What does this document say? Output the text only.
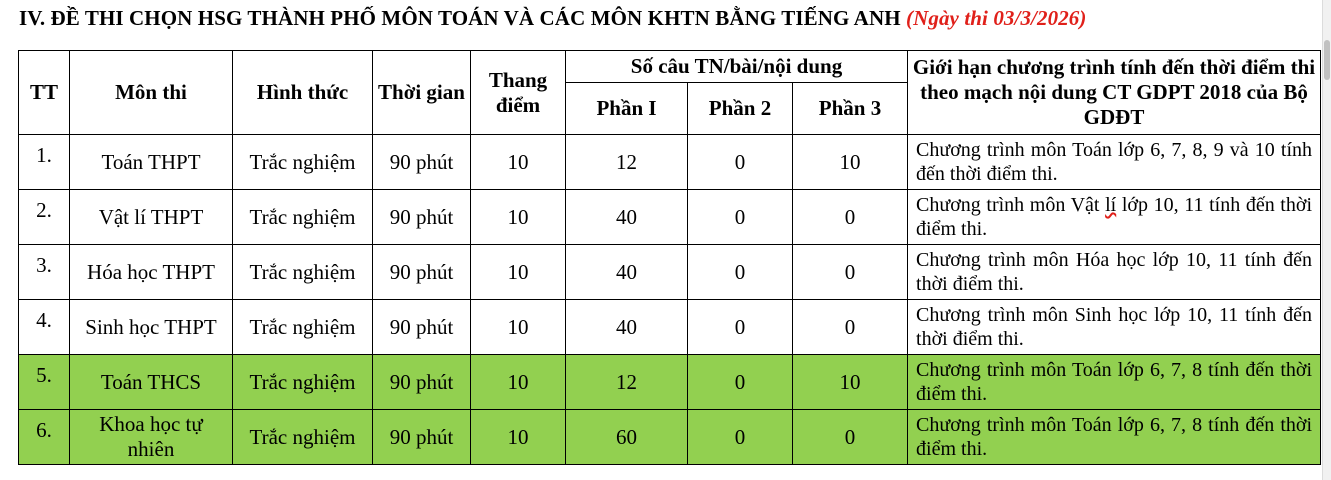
IV. ĐỀ THI CHỌN HSG THÀNH PHỐ MÔN TOÁN VÀ CÁC MÔN KHTN BẰNG TIẾNG ANH (Ngày thi 03/3/2026)
TT	Môn thi	Hình thức	Thời gian	Thang điểm	Số câu TN/bài/nội dung			Giới hạn chương trình tính đến thời điểm thi theo mạch nội dung CT GDPT 2018 của Bộ GDĐT
					Phần I	Phần 2	Phần 3	
1.	Toán THPT	Trắc nghiệm	90 phút	10	12	0	10	Chương trình môn Toán lớp 6, 7, 8, 9 và 10 tính đến thời điểm thi.
2.	Vật lí THPT	Trắc nghiệm	90 phút	10	40	0	0	Chương trình môn Vật lí lớp 10, 11 tính đến thời điểm thi.
3.	Hóa học THPT	Trắc nghiệm	90 phút	10	40	0	0	Chương trình môn Hóa học lớp 10, 11 tính đến thời điểm thi.
4.	Sinh học THPT	Trắc nghiệm	90 phút	10	40	0	0	Chương trình môn Sinh học lớp 10, 11 tính đến thời điểm thi.
5.	Toán THCS	Trắc nghiệm	90 phút	10	12	0	10	Chương trình môn Toán lớp 6, 7, 8 tính đến thời điểm thi.
6.	Khoa học tự nhiên	Trắc nghiệm	90 phút	10	60	0	0	Chương trình môn Toán lớp 6, 7, 8 tính đến thời điểm thi.
